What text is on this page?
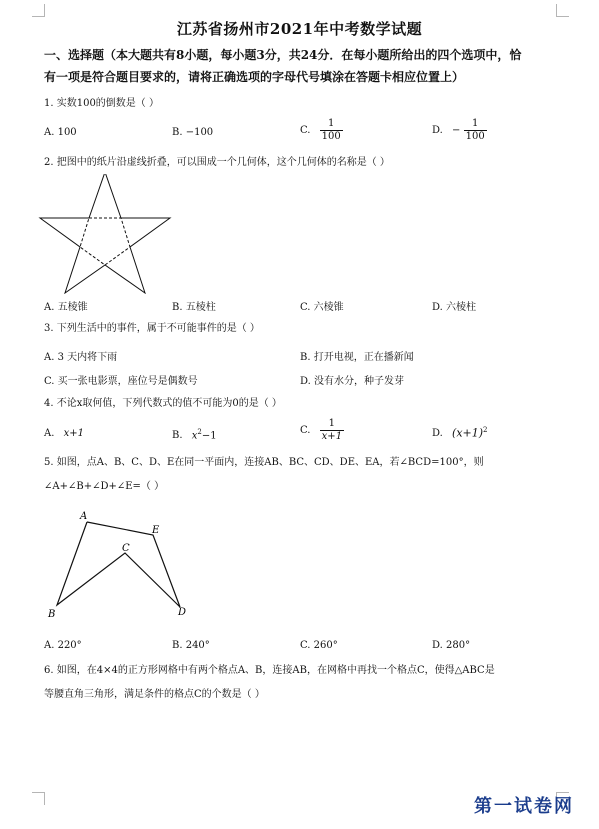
江苏省扬州市2021年中考数学试题
一、选择题（本大题共有8小题，每小题3分，共24分．在每小题所给出的四个选项中，恰
有一项是符合题目要求的，请将正确选项的字母代号填涂在答题卡相应位置上）
1. 实数100的倒数是（ ）
A. 100	B. −100	C. $\frac{1}{100}$	D. − $\frac{1}{100}$
2. 把图中的纸片沿虚线折叠，可以围成一个几何体，这个几何体的名称是（ ）
A. 五棱锥	B. 五棱柱	C. 六棱锥	D. 六棱柱
3. 下列生活中的事件，属于不可能事件的是（ ）
A. 3 天内将下雨	B. 打开电视，正在播新闻
C. 买一张电影票，座位号是偶数号	D. 没有水分，种子发芽
4. 不论x取何值，下列代数式的值不可能为0的是（ ）
A. x+1	B. $x^2-1$	C. $\frac{1}{x+1}$	D. $(x+1)^2$
5. 如图，点A、B、C、D、E在同一平面内，连接AB、BC、CD、DE、EA，若∠BCD=100°，则
∠A+∠B+∠D+∠E=（ ）
A
B
C
D
E
A. 220°	B. 240°	C. 260°	D. 280°
6. 如图，在4×4的正方形网格中有两个格点A、B，连接AB，在网格中再找一个格点C，使得△ABC是
等腰直角三角形，满足条件的格点C的个数是（ ）
第一试卷网
